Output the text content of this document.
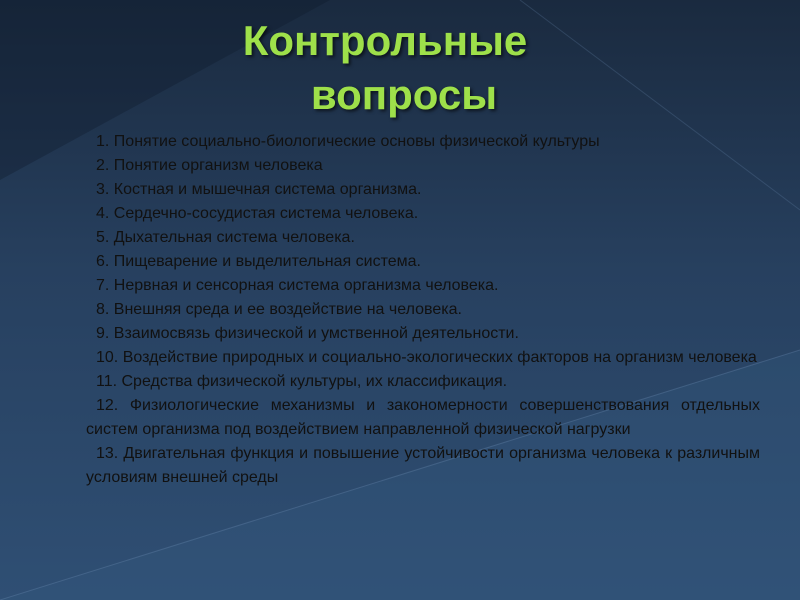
Контрольные
вопросы
1. Понятие социально-биологические основы физической культуры
2. Понятие организм человека
3. Костная и мышечная система организма.
4. Сердечно-сосудистая система человека.
5. Дыхательная система человека.
6. Пищеварение и выделительная система.
7. Нервная и сенсорная система организма человека.
8. Внешняя среда и ее воздействие на человека.
9. Взаимосвязь физической и умственной деятельности.
10. Воздействие природных и социально-экологических факторов на организм человека
11. Средства физической культуры, их классификация.
12. Физиологические механизмы и закономерности совершенствования отдельных систем организма под воздействием направленной физической нагрузки
13. Двигательная функция и повышение устойчивости организма человека к различным условиям внешней среды
